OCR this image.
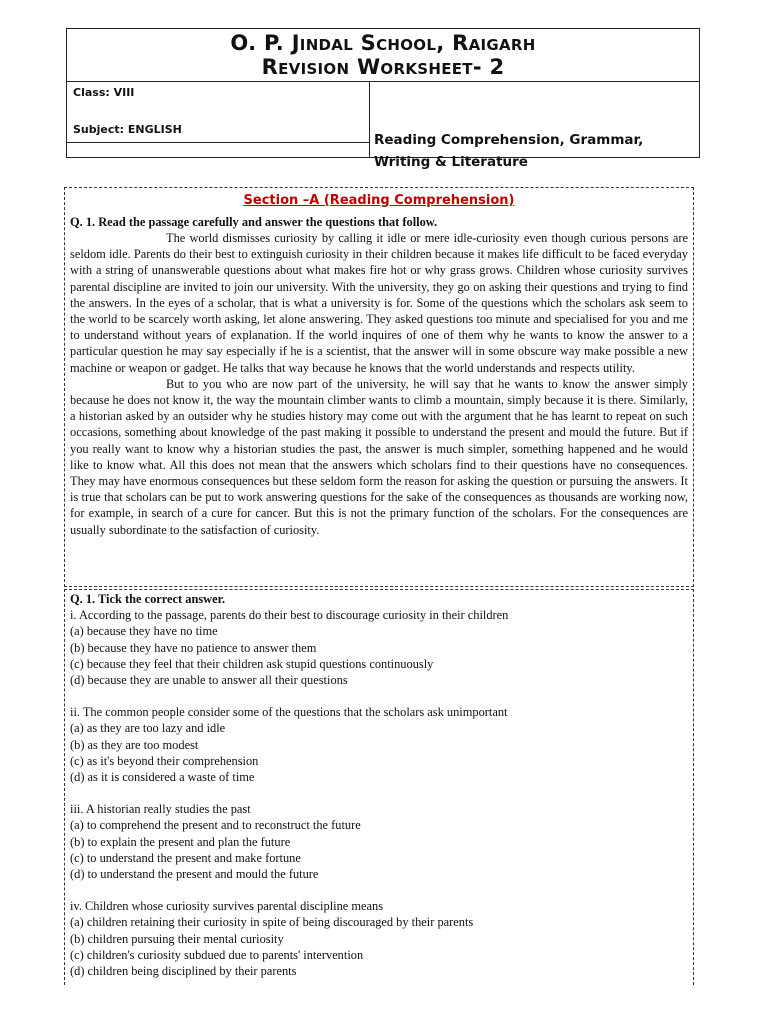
O. P. Jindal School, Raigarh
Revision Worksheet- 2
Class: VIII
Subject: ENGLISH
Reading Comprehension, Grammar, Writing & Literature
Section –A (Reading Comprehension)
Q. 1. Read the passage carefully and answer the questions that follow.

The world dismisses curiosity by calling it idle or mere idle-curiosity even though curious persons are seldom idle. Parents do their best to extinguish curiosity in their children because it makes life difficult to be faced everyday with a string of unanswerable questions about what makes fire hot or why grass grows. Children whose curiosity survives parental discipline are invited to join our university. With the university, they go on asking their questions and trying to find the answers. In the eyes of a scholar, that is what a university is for. Some of the questions which the scholars ask seem to the world to be scarcely worth asking, let alone answering. They asked questions too minute and specialised for you and me to understand without years of explanation. If the world inquires of one of them why he wants to know the answer to a particular question he may say especially if he is a scientist, that the answer will in some obscure way make possible a new machine or weapon or gadget. He talks that way because he knows that the world understands and respects utility.

But to you who are now part of the university, he will say that he wants to know the answer simply because he does not know it, the way the mountain climber wants to climb a mountain, simply because it is there. Similarly, a historian asked by an outsider why he studies history may come out with the argument that he has learnt to repeat on such occasions, something about knowledge of the past making it possible to understand the present and mould the future. But if you really want to know why a historian studies the past, the answer is much simpler, something happened and he would like to know what. All this does not mean that the answers which scholars find to their questions have no consequences. They may have enormous consequences but these seldom form the reason for asking the question or pursuing the answers. It is true that scholars can be put to work answering questions for the sake of the consequences as thousands are working now, for example, in search of a cure for cancer. But this is not the primary function of the scholars. For the consequences are usually subordinate to the satisfaction of curiosity.

Q. 1. Tick the correct answer.
i. According to the passage, parents do their best to discourage curiosity in their children
(a) because they have no time
(b) because they have no patience to answer them
(c) because they feel that their children ask stupid questions continuously
(d) because they are unable to answer all their questions
ii. The common people consider some of the questions that the scholars ask unimportant
(a) as they are too lazy and idle
(b) as they are too modest
(c) as it's beyond their comprehension
(d) as it is considered a waste of time
iii. A historian really studies the past
(a) to comprehend the present and to reconstruct the future
(b) to explain the present and plan the future
(c) to understand the present and make fortune
(d) to understand the present and mould the future
iv. Children whose curiosity survives parental discipline means
(a) children retaining their curiosity in spite of being discouraged by their parents
(b) children pursuing their mental curiosity
(c) children's curiosity subdued due to parents' intervention
(d) children being disciplined by their parents
